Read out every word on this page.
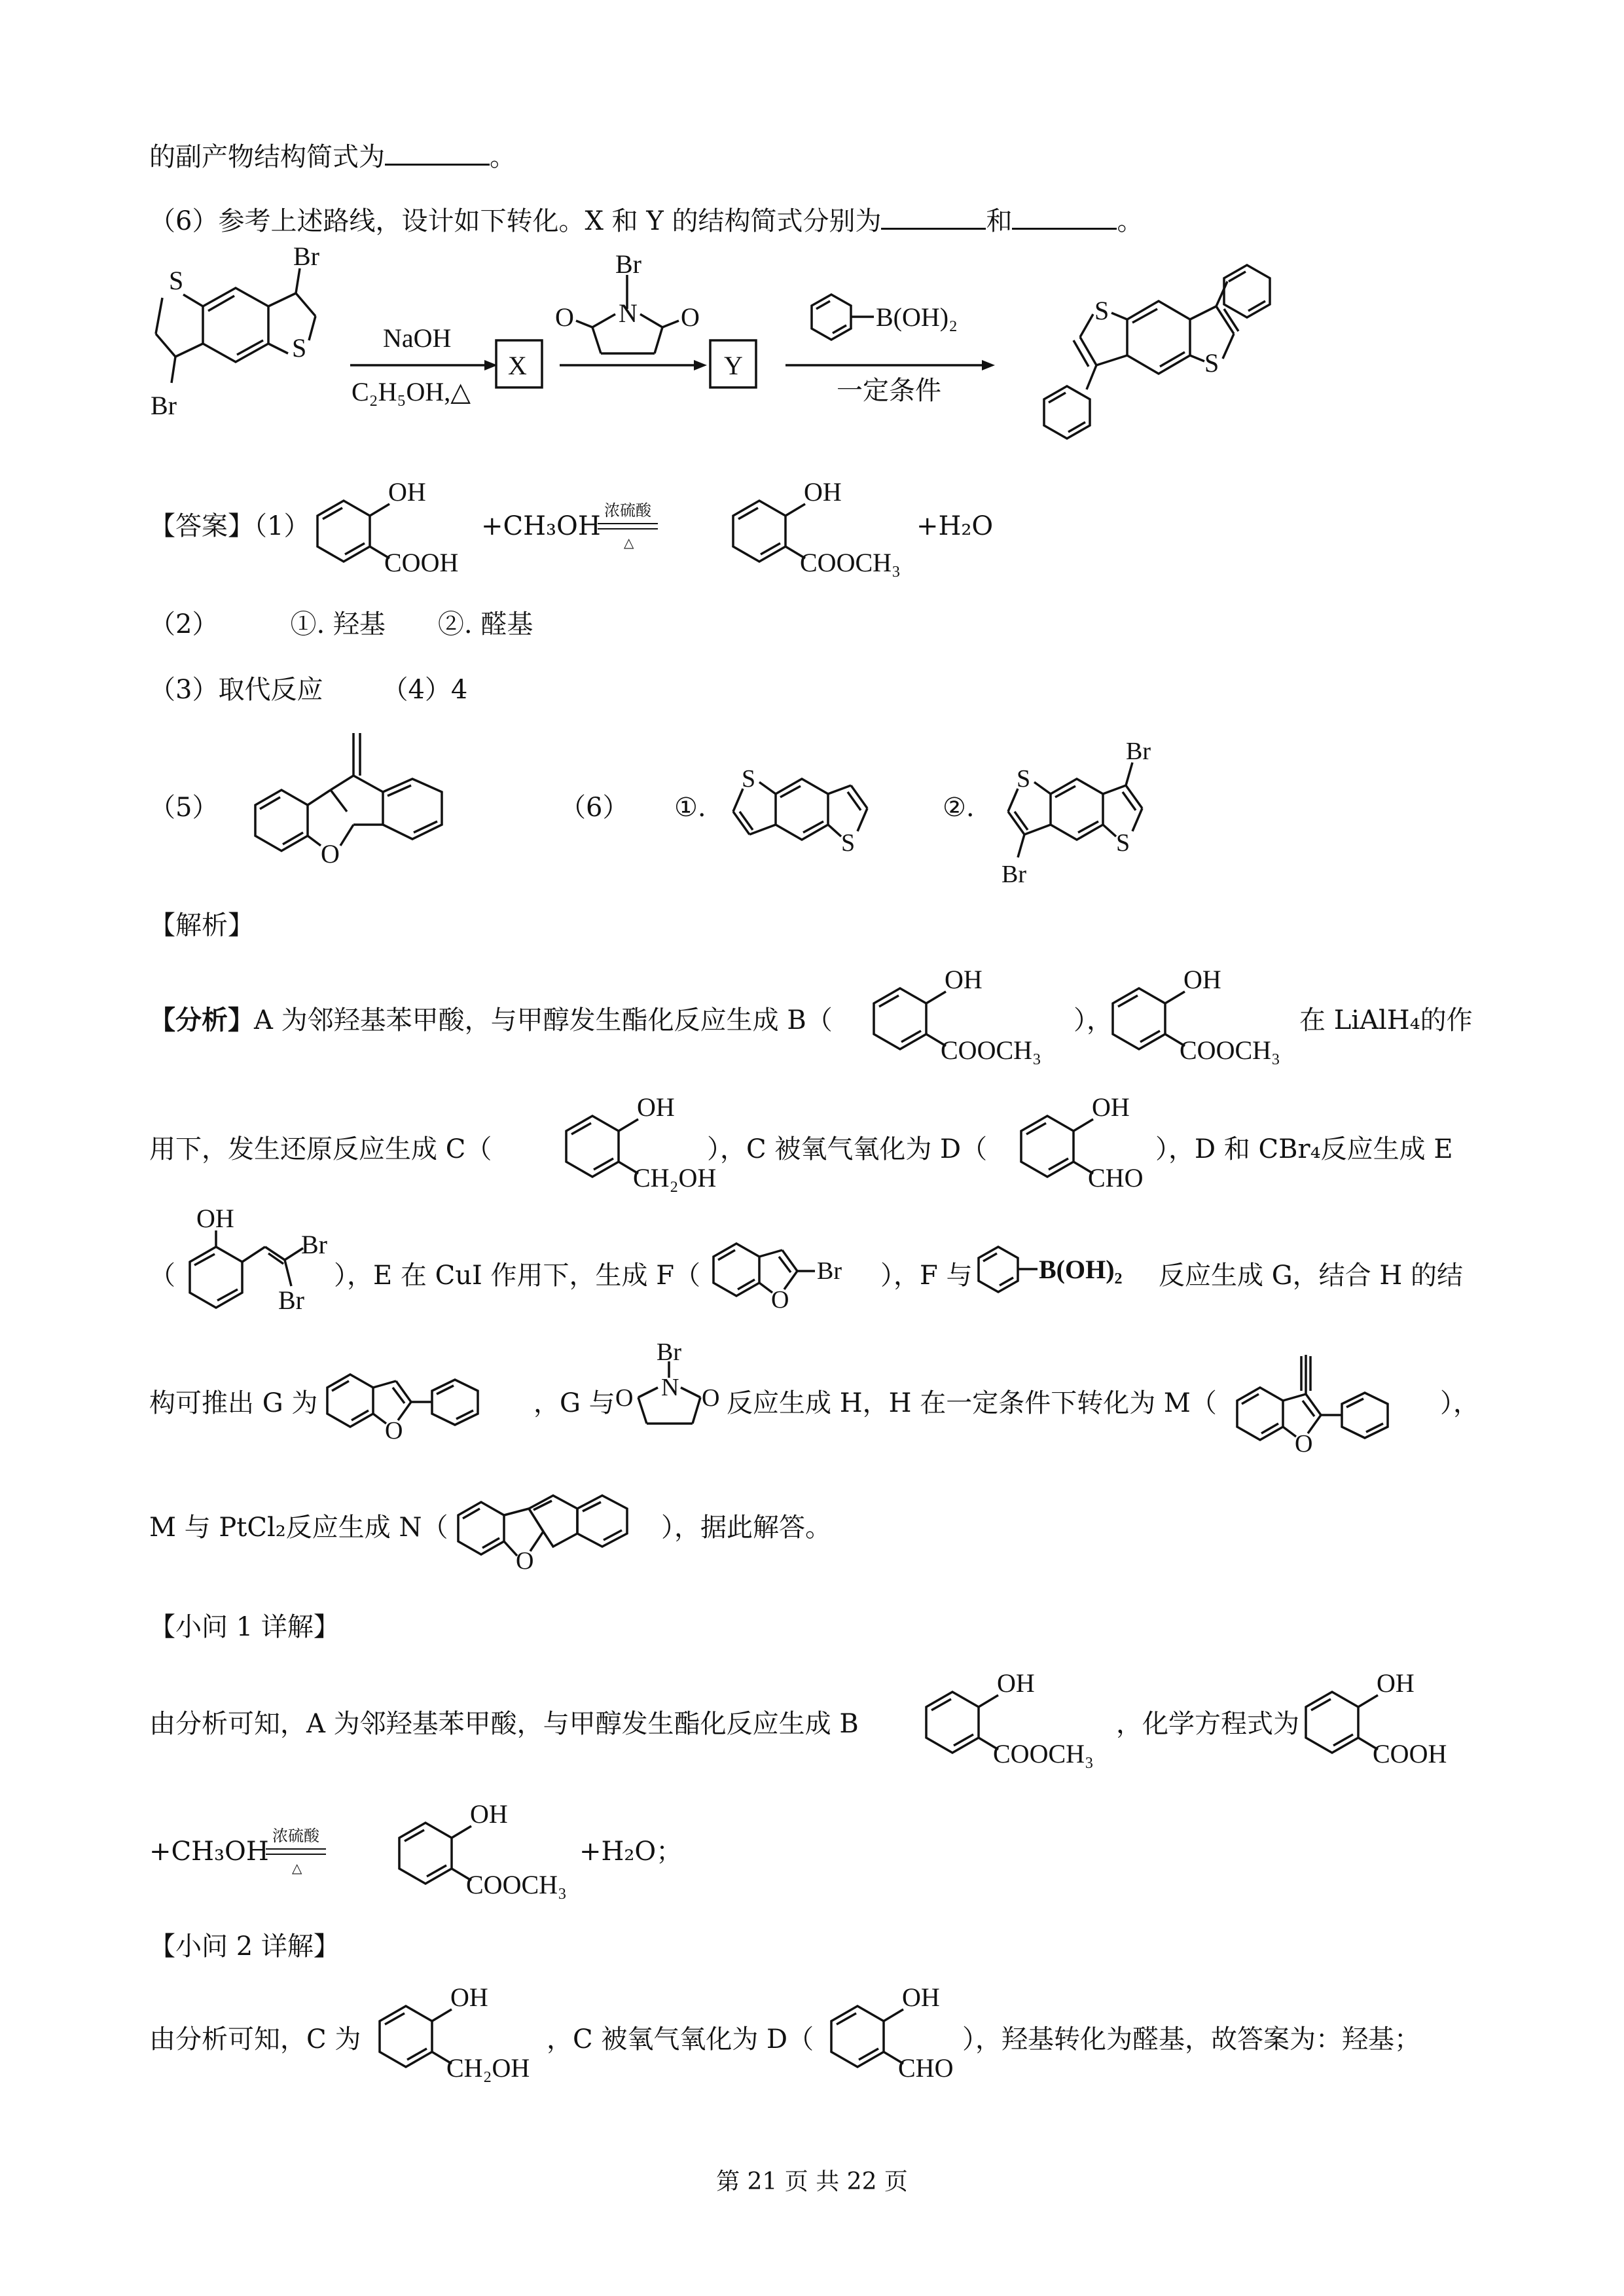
的副产物结构简式为	。
（6）参考上述路线，设计如下转化。X 和 Y 的结构简式分别为	和	。
S
S
Br
Br
NaOH
C₂H₅OH,△
X	Y
Br
N
O	O	B(OH)₂
一定条件
S
S
【答案】（1）
OH
COOH
+CH₃OH 浓硫酸
△
OH
COOCH₃
+H₂O
（2）	①. 羟基 ②. 醛基
（3）取代反应 （4）4
（5）
O
（6） ①.
S
S
②.
S
S
Br
Br
【解析】
【分析】A 为邻羟基苯甲酸，与甲醇发生酯化反应生成 B（
OH
COOCH₃
），
OH
COOCH₃
在 LiAlH₄的作
用下，发生还原反应生成 C（
OH
CH₂OH
），C 被氧气氧化为 D（
OH
CHO
），D 和 CBr₄反应生成 E
（
OH
Br
Br
），E 在 CuI 作用下，生成 F（
O
Br ），F 与	B(OH)₂ 反应生成 G，结合 H 的结
构可推出 G 为
O
，G 与
Br
N
O	O 反应生成 H，H 在一定条件下转化为 M（
O
），
M 与 PtCl₂反应生成 N（
O
），据此解答。
【小问 1 详解】
由分析可知，A 为邻羟基苯甲酸，与甲醇发生酯化反应生成 B
OH
COOCH₃
，化学方程式为
OH
COOH
+CH₃OH 浓硫酸
△
OH
COOCH₃
+H₂O；
【小问 2 详解】
由分析可知，C 为
OH
CH₂OH
，C 被氧气氧化为 D（
OH
CHO
），羟基转化为醛基，故答案为：羟基；
第 21 页 共 22 页
